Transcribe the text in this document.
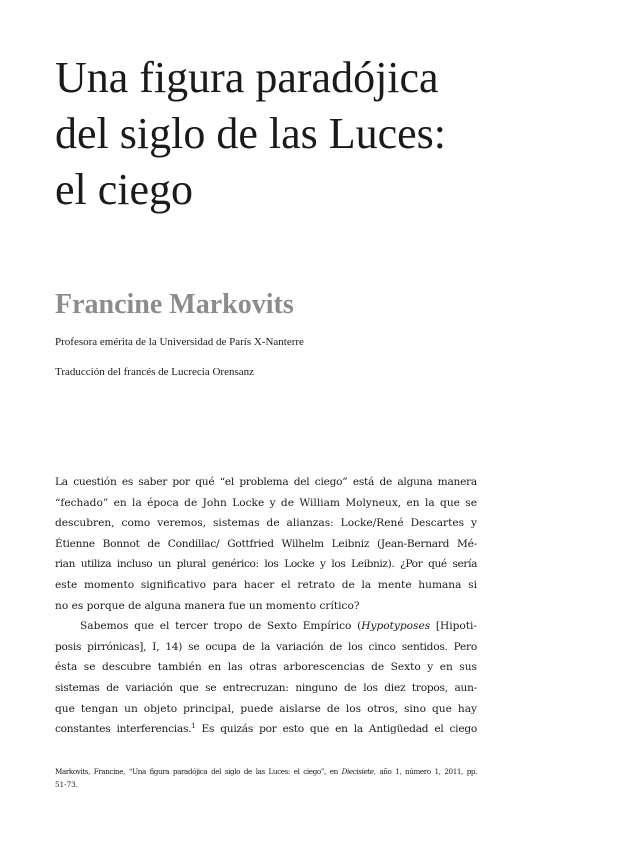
Una figura paradójica
del siglo de las Luces:
el ciego
Francine Markovits
Profesora emérita de la Universidad de París X-Nanterre
Traducción del francés de Lucrecia Orensanz
La cuestión es saber por qué “el problema del ciego” está de alguna manera
“fechado” en la época de John Locke y de William Molyneux, en la que se
descubren, como veremos, sistemas de alianzas: Locke/René Descartes y
Étienne Bonnot de Condillac/ Gottfried Wilhelm Leibniz (Jean-Bernard Mé-
rian utiliza incluso un plural genérico: los Locke y los Leibniz). ¿Por qué sería
este momento significativo para hacer el retrato de la mente humana si
no es porque de alguna manera fue un momento crítico?
Sabemos que el tercer tropo de Sexto Empírico (Hypotyposes [Hipoti-
posis pirrónicas], I, 14) se ocupa de la variación de los cinco sentidos. Pero
ésta se descubre también en las otras arborescencias de Sexto y en sus
sistemas de variación que se entrecruzan: ninguno de los diez tropos, aun-
que tengan un objeto principal, puede aislarse de los otros, sino que hay
constantes interferencias.$^1$ Es quizás por esto que en la Antigüedad el ciego
Markovits, Francine, “Una figura paradójica del siglo de las Luces: el ciego”, en Diecisiete, año 1, número 1, 2011, pp.
51-73.
